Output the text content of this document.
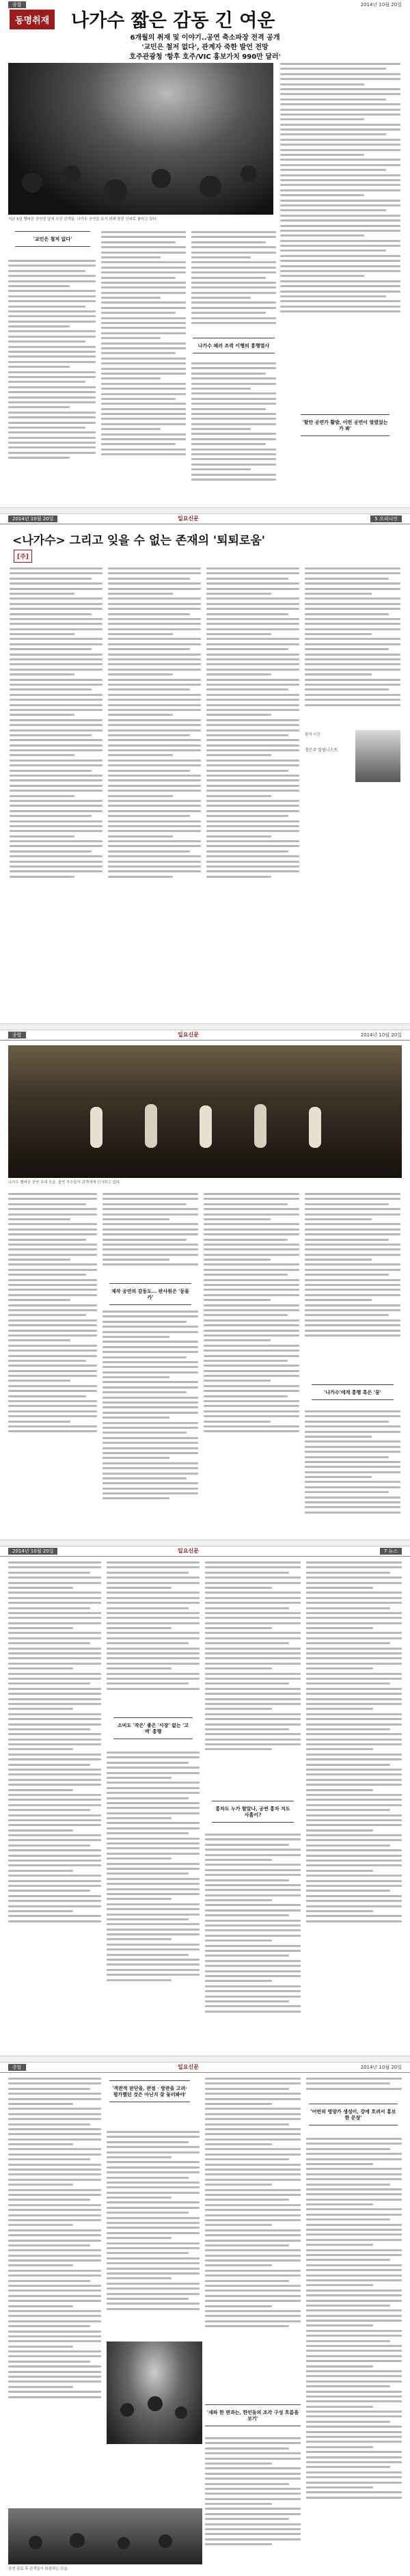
종합	2014년 10월 20일
동명취재 나가수 짧은 감동 긴 여운
6개월의 취재 및 이야기..공연 축소파장 전격 공개
'교민은 철저 없다', 관계자 죽한 발언 전망
호주관광청 '항후 호주/VIC 홍보가치 990만 달러'
지난 5일 멜버른 공연장 앞에 모인 관객들. 나가수 공연을 보기 위해 몰린 인파로 붐비고 있다.
'할만 공연가 활발, 어떤 공연이 열렸었는가 봐'
'교민은 철저 없다'
나가수 패러 조력 이행의 흥행열사
2014년 10월 20일	일요신문	5 오피니언
<나가수> 그리고 잊을 수 없는 존재의 '퇴퇴로움'
[주]
필자 사진
정은주 칼럼니스트
종합	일요신문	2014년 10월 20일
나가수 멜버른 공연 무대 모습. 출연 가수들이 관객에게 인사하고 있다.
제작 공연의 감동도... 판사원은 '동물카'
'나가수'에게 흥행 혹은 '꿈'
2014년 10월 20일	일요신문	7 뉴스
소비도 '작은' 좋은 '사장' 없는 '고액' 흥행
흥차도 누가 할았나, 공연 흥차 지도 사흘이?
종합	일요신문	2014년 10월 20일
'객관적 판단을, 관점 · 방관을 고려·평가했던 것은 아닌지 잘 둘러봐야'
'어떤의 영양가 생성이, 강에 흐려서 홍보 한 문장'
'새파 한 편과는, 한인들의 조각 구성 흐름을 보기'
공연 종료 후 관객들이 퇴장하는 모습.
